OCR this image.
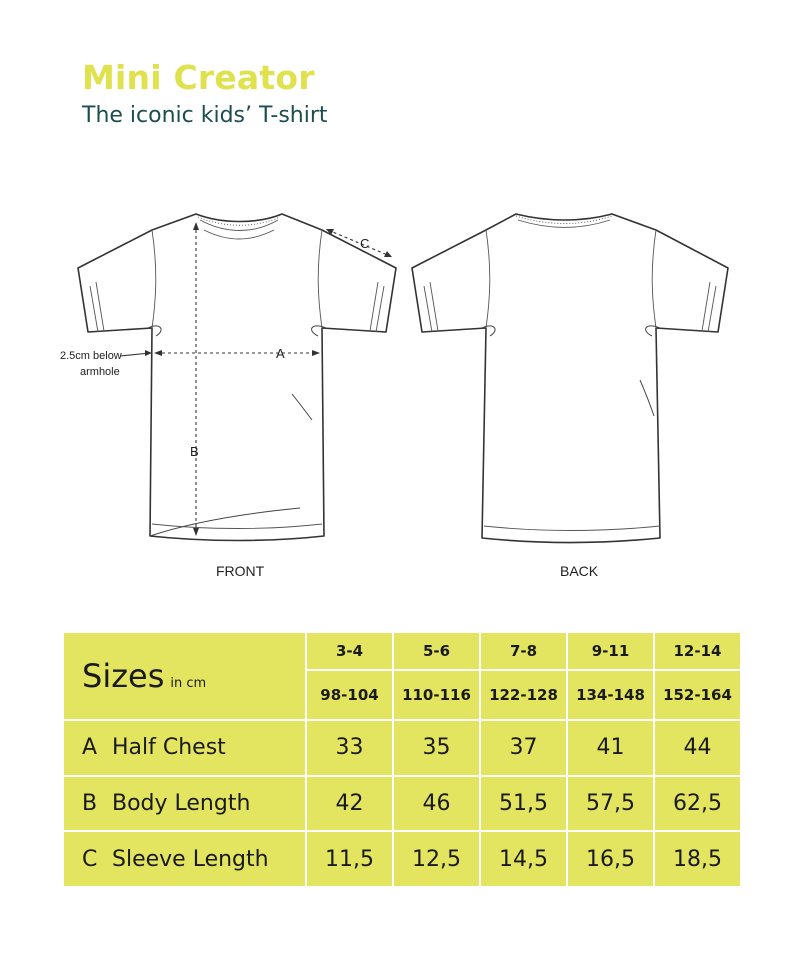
Mini Creator

The iconic kids’ T-shirt

A
B
C
2.5cm below
armhole
FRONT	BACK
Sizes in cm	3-4	5-6	7-8	9-11	12-14
	98-104	110-116	122-128	134-148	152-164
A Half Chest	33	35	37	41	44
B Body Length	42	46	51,5	57,5	62,5
C Sleeve Length	11,5	12,5	14,5	16,5	18,5
